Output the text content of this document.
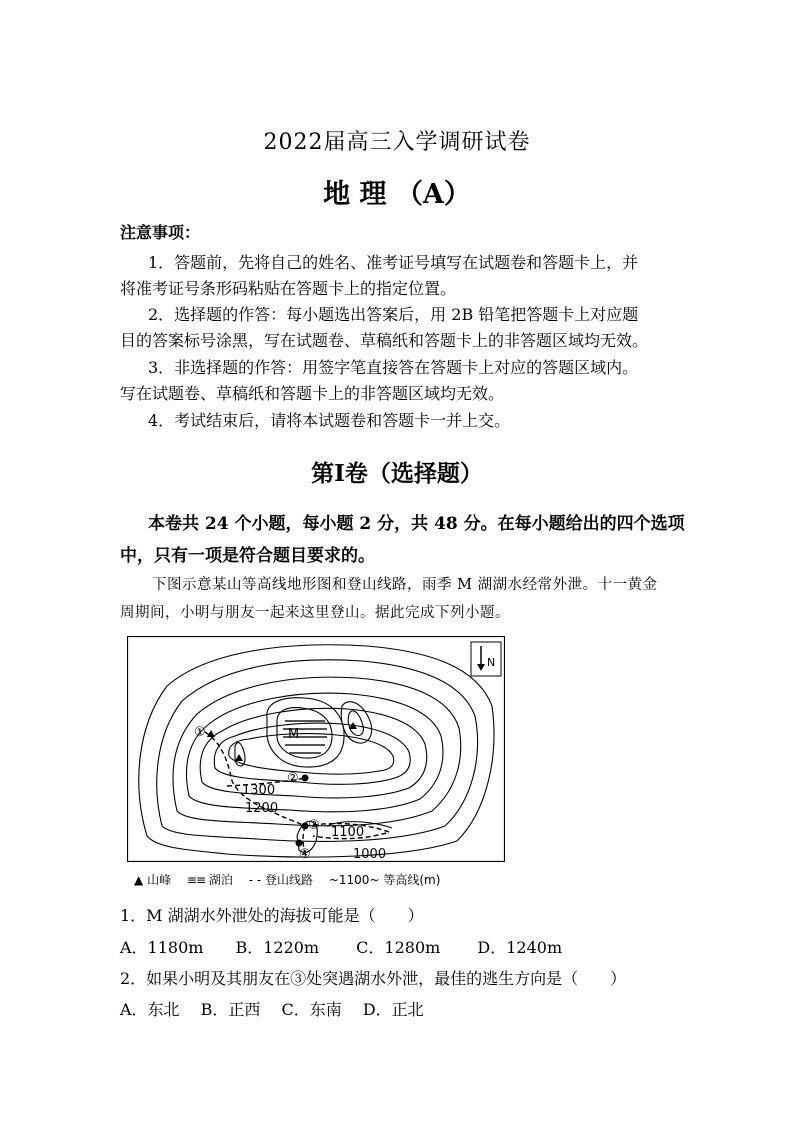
2022届高三入学调研试卷
地 理 （A）
注意事项：
1．答题前，先将自己的姓名、准考证号填写在试题卷和答题卡上，并
将准考证号条形码粘贴在答题卡上的指定位置。
2．选择题的作答：每小题选出答案后，用 2B 铅笔把答题卡上对应题
目的答案标号涂黑，写在试题卷、草稿纸和答题卡上的非答题区域均无效。
3．非选择题的作答：用签字笔直接答在答题卡上对应的答题区域内。
写在试题卷、草稿纸和答题卡上的非答题区域均无效。
4．考试结束后，请将本试题卷和答题卡一并上交。
第Ⅰ卷（选择题）
本卷共 24 个小题，每小题 2 分，共 48 分。在每小题给出的四个选项
中，只有一项是符合题目要求的。
下图示意某山等高线地形图和登山线路，雨季 M 湖湖水经常外泄。十一黄金
周期间，小明与朋友一起来这里登山。据此完成下列小题。
M
①
②
③
④
1300
1200
1100
1000
N
▲ 山峰 ≡≡ 湖泊 - - 登山线路 ~1100~ 等高线(m)
1．M 湖湖水外泄处的海拔可能是（　　）
A．1180m　　B．1220m　　 C．1280m　　 D．1240m
2．如果小明及其朋友在③处突遇湖水外泄，最佳的逃生方向是（　　）
A．东北　 B．正西　 C．东南　 D．正北
